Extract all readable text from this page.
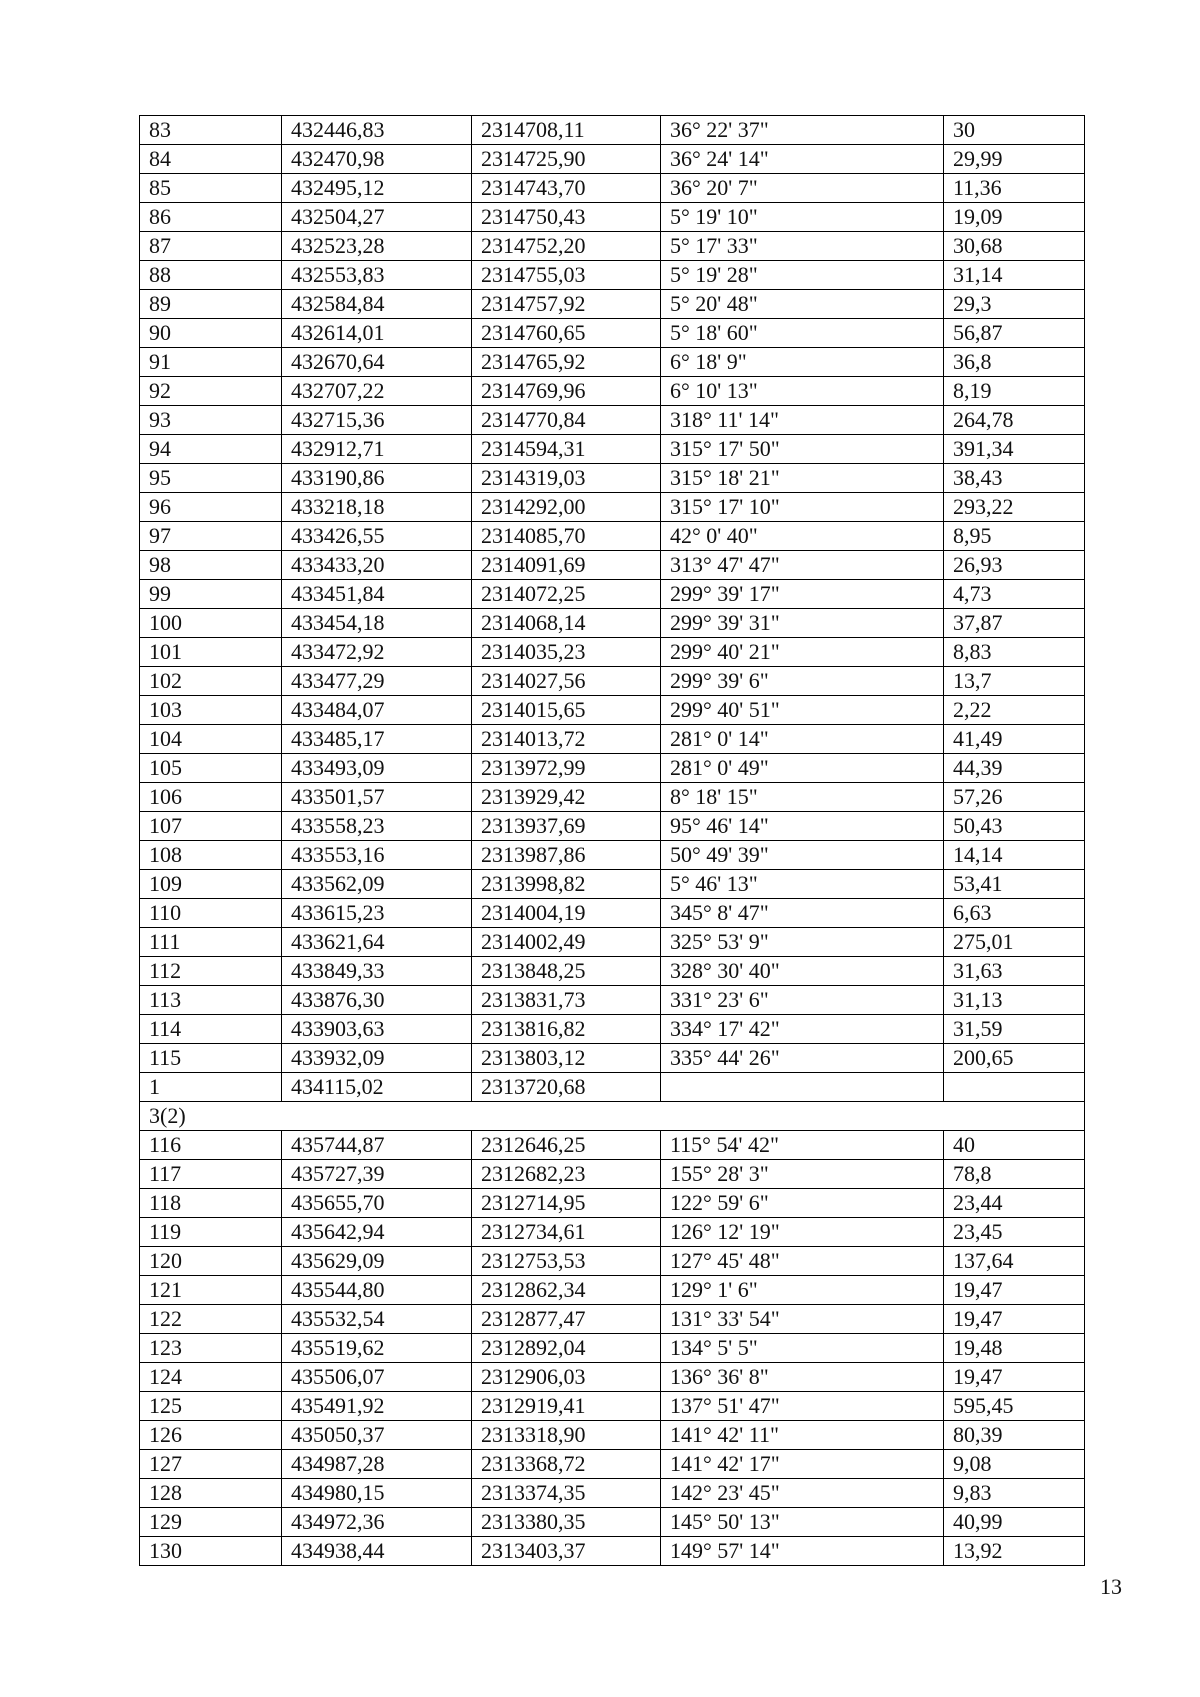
83	432446,83	2314708,11	36° 22' 37"	30
84	432470,98	2314725,90	36° 24' 14"	29,99
85	432495,12	2314743,70	36° 20' 7"	11,36
86	432504,27	2314750,43	5° 19' 10"	19,09
87	432523,28	2314752,20	5° 17' 33"	30,68
88	432553,83	2314755,03	5° 19' 28"	31,14
89	432584,84	2314757,92	5° 20' 48"	29,3
90	432614,01	2314760,65	5° 18' 60"	56,87
91	432670,64	2314765,92	6° 18' 9"	36,8
92	432707,22	2314769,96	6° 10' 13"	8,19
93	432715,36	2314770,84	318° 11' 14"	264,78
94	432912,71	2314594,31	315° 17' 50"	391,34
95	433190,86	2314319,03	315° 18' 21"	38,43
96	433218,18	2314292,00	315° 17' 10"	293,22
97	433426,55	2314085,70	42° 0' 40"	8,95
98	433433,20	2314091,69	313° 47' 47"	26,93
99	433451,84	2314072,25	299° 39' 17"	4,73
100	433454,18	2314068,14	299° 39' 31"	37,87
101	433472,92	2314035,23	299° 40' 21"	8,83
102	433477,29	2314027,56	299° 39' 6"	13,7
103	433484,07	2314015,65	299° 40' 51"	2,22
104	433485,17	2314013,72	281° 0' 14"	41,49
105	433493,09	2313972,99	281° 0' 49"	44,39
106	433501,57	2313929,42	8° 18' 15"	57,26
107	433558,23	2313937,69	95° 46' 14"	50,43
108	433553,16	2313987,86	50° 49' 39"	14,14
109	433562,09	2313998,82	5° 46' 13"	53,41
110	433615,23	2314004,19	345° 8' 47"	6,63
111	433621,64	2314002,49	325° 53' 9"	275,01
112	433849,33	2313848,25	328° 30' 40"	31,63
113	433876,30	2313831,73	331° 23' 6"	31,13
114	433903,63	2313816,82	334° 17' 42"	31,59
115	433932,09	2313803,12	335° 44' 26"	200,65
1	434115,02	2313720,68		
3(2)				
116	435744,87	2312646,25	115° 54' 42"	40
117	435727,39	2312682,23	155° 28' 3"	78,8
118	435655,70	2312714,95	122° 59' 6"	23,44
119	435642,94	2312734,61	126° 12' 19"	23,45
120	435629,09	2312753,53	127° 45' 48"	137,64
121	435544,80	2312862,34	129° 1' 6"	19,47
122	435532,54	2312877,47	131° 33' 54"	19,47
123	435519,62	2312892,04	134° 5' 5"	19,48
124	435506,07	2312906,03	136° 36' 8"	19,47
125	435491,92	2312919,41	137° 51' 47"	595,45
126	435050,37	2313318,90	141° 42' 11"	80,39
127	434987,28	2313368,72	141° 42' 17"	9,08
128	434980,15	2313374,35	142° 23' 45"	9,83
129	434972,36	2313380,35	145° 50' 13"	40,99
130	434938,44	2313403,37	149° 57' 14"	13,92
13
